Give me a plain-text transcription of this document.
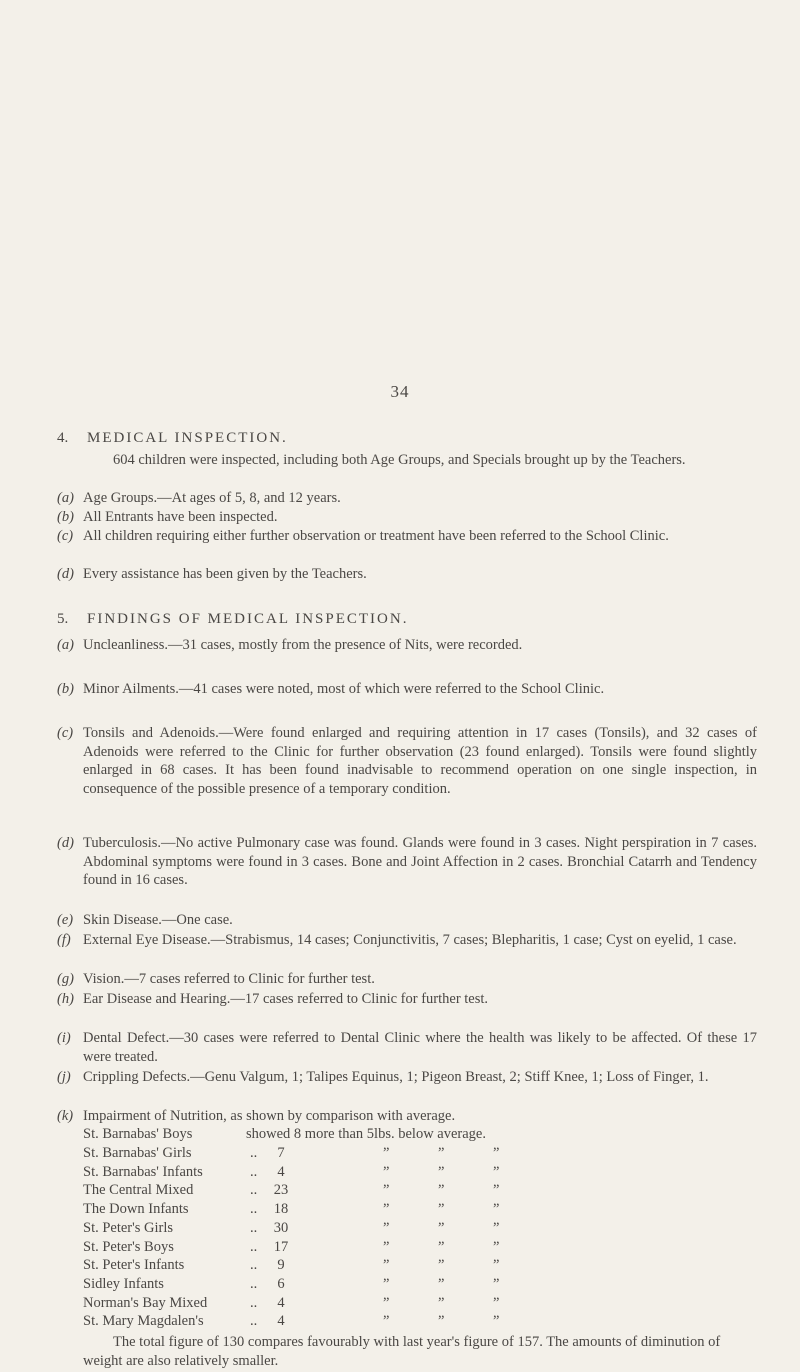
34
4. MEDICAL INSPECTION.
604 children were inspected, including both Age Groups, and Specials brought up by the Teachers.
(a) Age Groups.—At ages of 5, 8, and 12 years.
(b) All Entrants have been inspected.
(c) All children requiring either further observation or treatment have been referred to the School Clinic.
(d) Every assistance has been given by the Teachers.
5. FINDINGS OF MEDICAL INSPECTION.
(a) Uncleanliness.—31 cases, mostly from the presence of Nits, were recorded.
(b) Minor Ailments.—41 cases were noted, most of which were referred to the School Clinic.
(c) Tonsils and Adenoids.—Were found enlarged and requiring attention in 17 cases (Tonsils), and 32 cases of Adenoids were referred to the Clinic for further observation (23 found enlarged). Tonsils were found slightly enlarged in 68 cases. It has been found inadvisable to recommend operation on one single inspection, in consequence of the possible presence of a temporary condition.
(d) Tuberculosis.—No active Pulmonary case was found. Glands were found in 3 cases. Night perspiration in 7 cases. Abdominal symptoms were found in 3 cases. Bone and Joint Affection in 2 cases. Bronchial Catarrh and Tendency found in 16 cases.
(e) Skin Disease.—One case.
(f) External Eye Disease.—Strabismus, 14 cases; Conjunctivitis, 7 cases; Blepharitis, 1 case; Cyst on eyelid, 1 case.
(g) Vision.—7 cases referred to Clinic for further test.
(h) Ear Disease and Hearing.—17 cases referred to Clinic for further test.
(i) Dental Defect.—30 cases were referred to Dental Clinic where the health was likely to be affected. Of these 17 were treated.
(j) Crippling Defects.—Genu Valgum, 1; Talipes Equinus, 1; Pigeon Breast, 2; Stiff Knee, 1; Loss of Finger, 1.
(k) Impairment of Nutrition, as shown by comparison with average.
St. Barnabas' Boys	showed 8 more than 5lbs. below average.
St. Barnabas' Girls	..	7	”	”	”
St. Barnabas' Infants	..	4	”	”	”
The Central Mixed	..	23	”	”	”
The Down Infants	..	18	”	”	”
St. Peter's Girls	..	30	”	”	”
St. Peter's Boys	..	17	”	”	”
St. Peter's Infants	..	9	”	”	”
Sidley Infants	..	6	”	”	”
Norman's Bay Mixed	..	4	”	”	”
St. Mary Magdalen's	..	4	”	”	”
The total figure of 130 compares favourably with last year's figure of 157. The amounts of diminution of weight are also relatively smaller.
